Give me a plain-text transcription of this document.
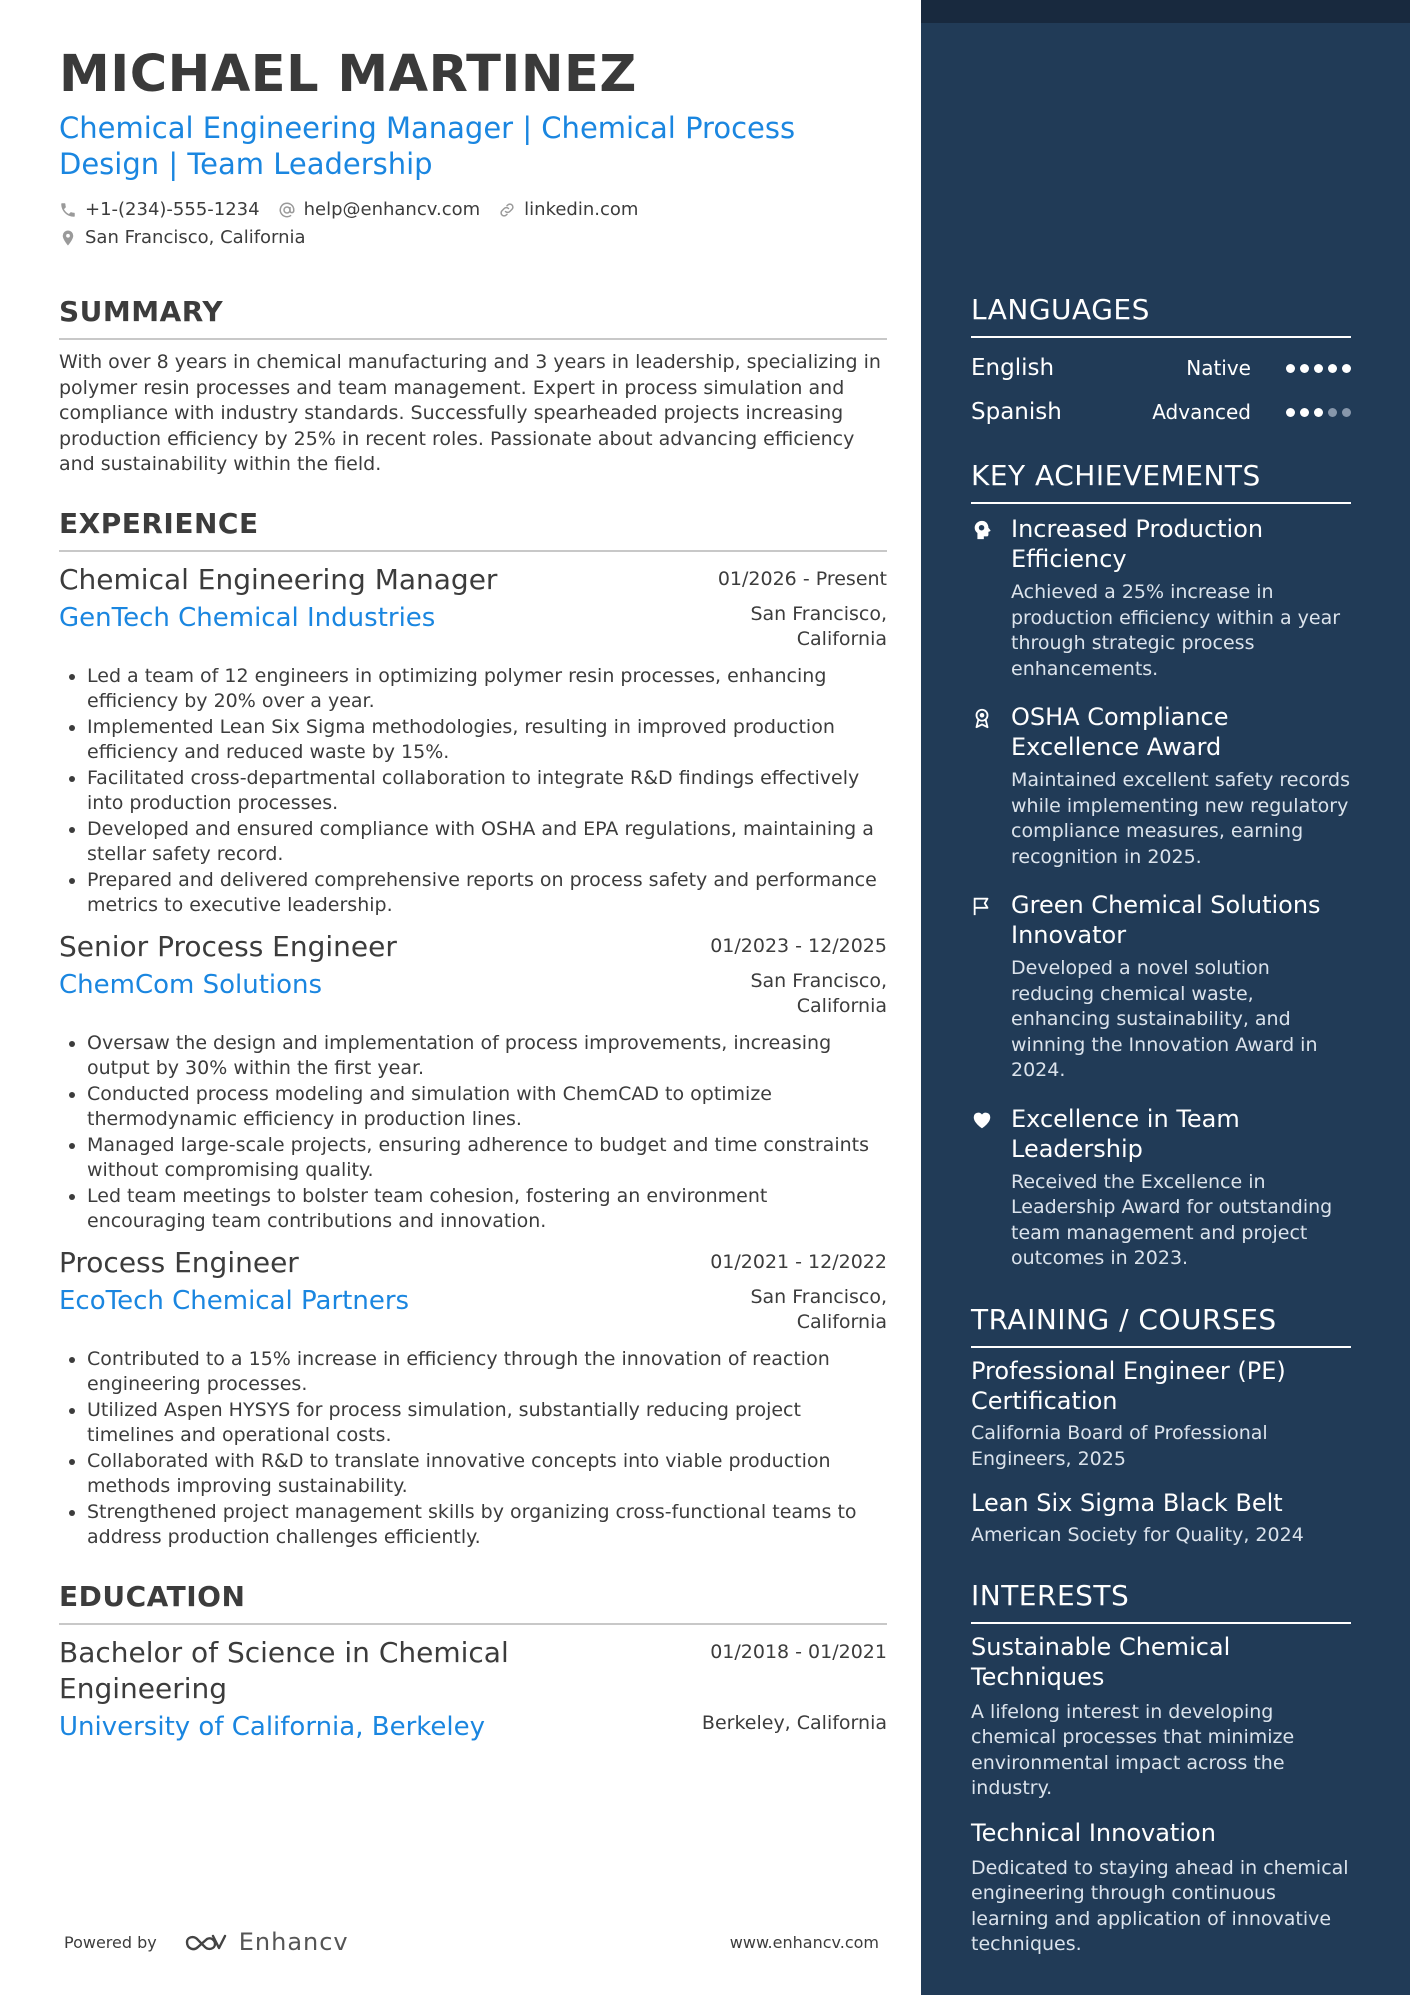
MICHAEL MARTINEZ
Chemical Engineering Manager | Chemical Process Design | Team Leadership
+1-(234)-555-1234 help@enhancv.com linkedin.com
San Francisco, California
SUMMARY
With over 8 years in chemical manufacturing and 3 years in leadership, specializing in polymer resin processes and team management. Expert in process simulation and compliance with industry standards. Successfully spearheaded projects increasing production efficiency by 25% in recent roles. Passionate about advancing efficiency and sustainability within the field.
EXPERIENCE
Chemical Engineering Manager	01/2026 - Present
GenTech Chemical Industries	San Francisco, California
• Led a team of 12 engineers in optimizing polymer resin processes, enhancing efficiency by 20% over a year.
• Implemented Lean Six Sigma methodologies, resulting in improved production efficiency and reduced waste by 15%.
• Facilitated cross-departmental collaboration to integrate R&D findings effectively into production processes.
• Developed and ensured compliance with OSHA and EPA regulations, maintaining a stellar safety record.
• Prepared and delivered comprehensive reports on process safety and performance metrics to executive leadership.
Senior Process Engineer	01/2023 - 12/2025
ChemCom Solutions	San Francisco, California
• Oversaw the design and implementation of process improvements, increasing output by 30% within the first year.
• Conducted process modeling and simulation with ChemCAD to optimize thermodynamic efficiency in production lines.
• Managed large-scale projects, ensuring adherence to budget and time constraints without compromising quality.
• Led team meetings to bolster team cohesion, fostering an environment encouraging team contributions and innovation.
Process Engineer	01/2021 - 12/2022
EcoTech Chemical Partners	San Francisco, California
• Contributed to a 15% increase in efficiency through the innovation of reaction engineering processes.
• Utilized Aspen HYSYS for process simulation, substantially reducing project timelines and operational costs.
• Collaborated with R&D to translate innovative concepts into viable production methods improving sustainability.
• Strengthened project management skills by organizing cross-functional teams to address production challenges efficiently.
EDUCATION
Bachelor of Science in Chemical Engineering
01/2018 - 01/2021
University of California, Berkeley	Berkeley, California
Powered by	Enhancv	www.enhancv.com
LANGUAGES
English	Native
Spanish	Advanced
KEY ACHIEVEMENTS
Increased Production Efficiency
Achieved a 25% increase in production efficiency within a year through strategic process enhancements.
OSHA Compliance Excellence Award
Maintained excellent safety records while implementing new regulatory compliance measures, earning recognition in 2025.
Green Chemical Solutions Innovator
Developed a novel solution reducing chemical waste, enhancing sustainability, and winning the Innovation Award in 2024.
Excellence in Team Leadership
Received the Excellence in Leadership Award for outstanding team management and project outcomes in 2023.
TRAINING / COURSES
Professional Engineer (PE) Certification
California Board of Professional Engineers, 2025
Lean Six Sigma Black Belt
American Society for Quality, 2024
INTERESTS
Sustainable Chemical Techniques
A lifelong interest in developing chemical processes that minimize environmental impact across the industry.
Technical Innovation
Dedicated to staying ahead in chemical engineering through continuous learning and application of innovative techniques.
